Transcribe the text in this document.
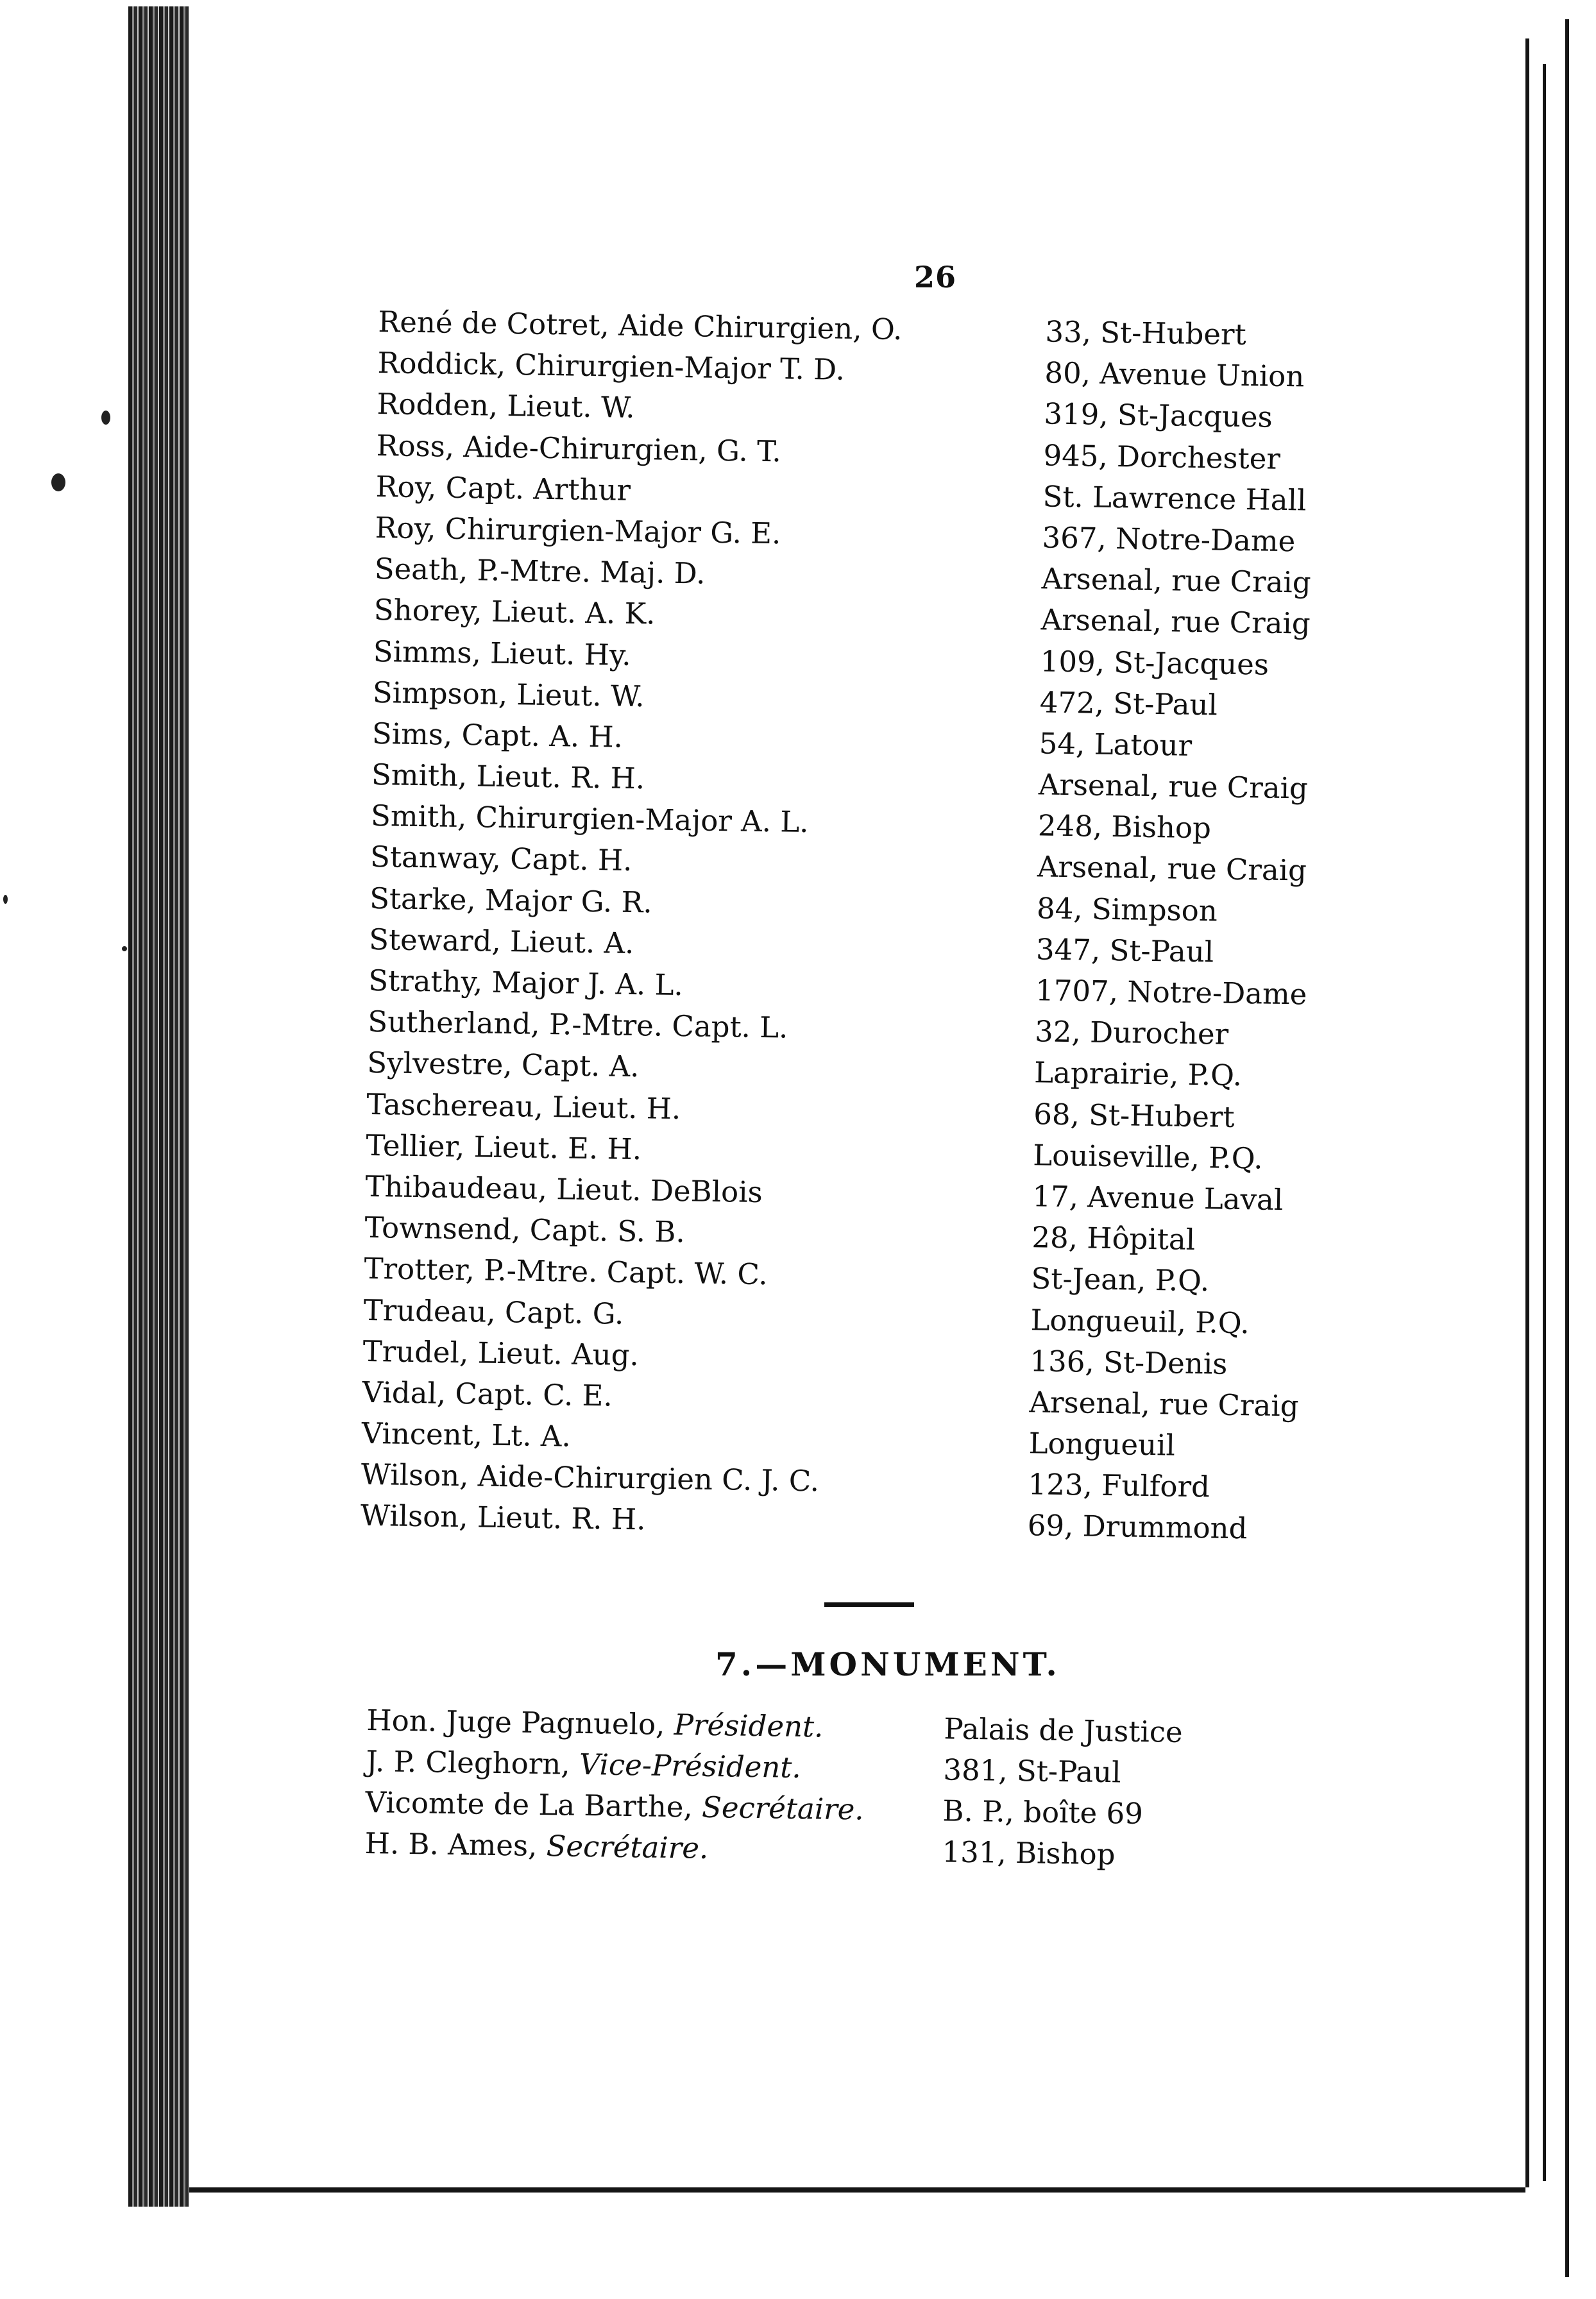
26
René de Cotret, Aide Chirurgien, O.	33, St-Hubert
Roddick, Chirurgien-Major T. D.	80, Avenue Union
Rodden, Lieut. W.	319, St-Jacques
Ross, Aide-Chirurgien, G. T.	945, Dorchester
Roy, Capt. Arthur	St. Lawrence Hall
Roy, Chirurgien-Major G. E.	367, Notre-Dame
Seath, P.-Mtre. Maj. D.	Arsenal, rue Craig
Shorey, Lieut. A. K.	Arsenal, rue Craig
Simms, Lieut. Hy.	109, St-Jacques
Simpson, Lieut. W.	472, St-Paul
Sims, Capt. A. H.	54, Latour
Smith, Lieut. R. H.	Arsenal, rue Craig
Smith, Chirurgien-Major A. L.	248, Bishop
Stanway, Capt. H.	Arsenal, rue Craig
Starke, Major G. R.	84, Simpson
Steward, Lieut. A.	347, St-Paul
Strathy, Major J. A. L.	1707, Notre-Dame
Sutherland, P.-Mtre. Capt. L.	32, Durocher
Sylvestre, Capt. A.	Laprairie, P.Q.
Taschereau, Lieut. H.	68, St-Hubert
Tellier, Lieut. E. H.	Louiseville, P.Q.
Thibaudeau, Lieut. DeBlois	17, Avenue Laval
Townsend, Capt. S. B.	28, Hôpital
Trotter, P.-Mtre. Capt. W. C.	St-Jean, P.Q.
Trudeau, Capt. G.	Longueuil, P.Q.
Trudel, Lieut. Aug.	136, St-Denis
Vidal, Capt. C. E.	Arsenal, rue Craig
Vincent, Lt. A.	Longueuil
Wilson, Aide-Chirurgien C. J. C.	123, Fulford
Wilson, Lieut. R. H.	69, Drummond
7.—MONUMENT.
Hon. Juge Pagnuelo, Président.	Palais de Justice
J. P. Cleghorn, Vice-Président.	381, St-Paul
Vicomte de La Barthe, Secrétaire.	B. P., boîte 69
H. B. Ames, Secrétaire.	131, Bishop
